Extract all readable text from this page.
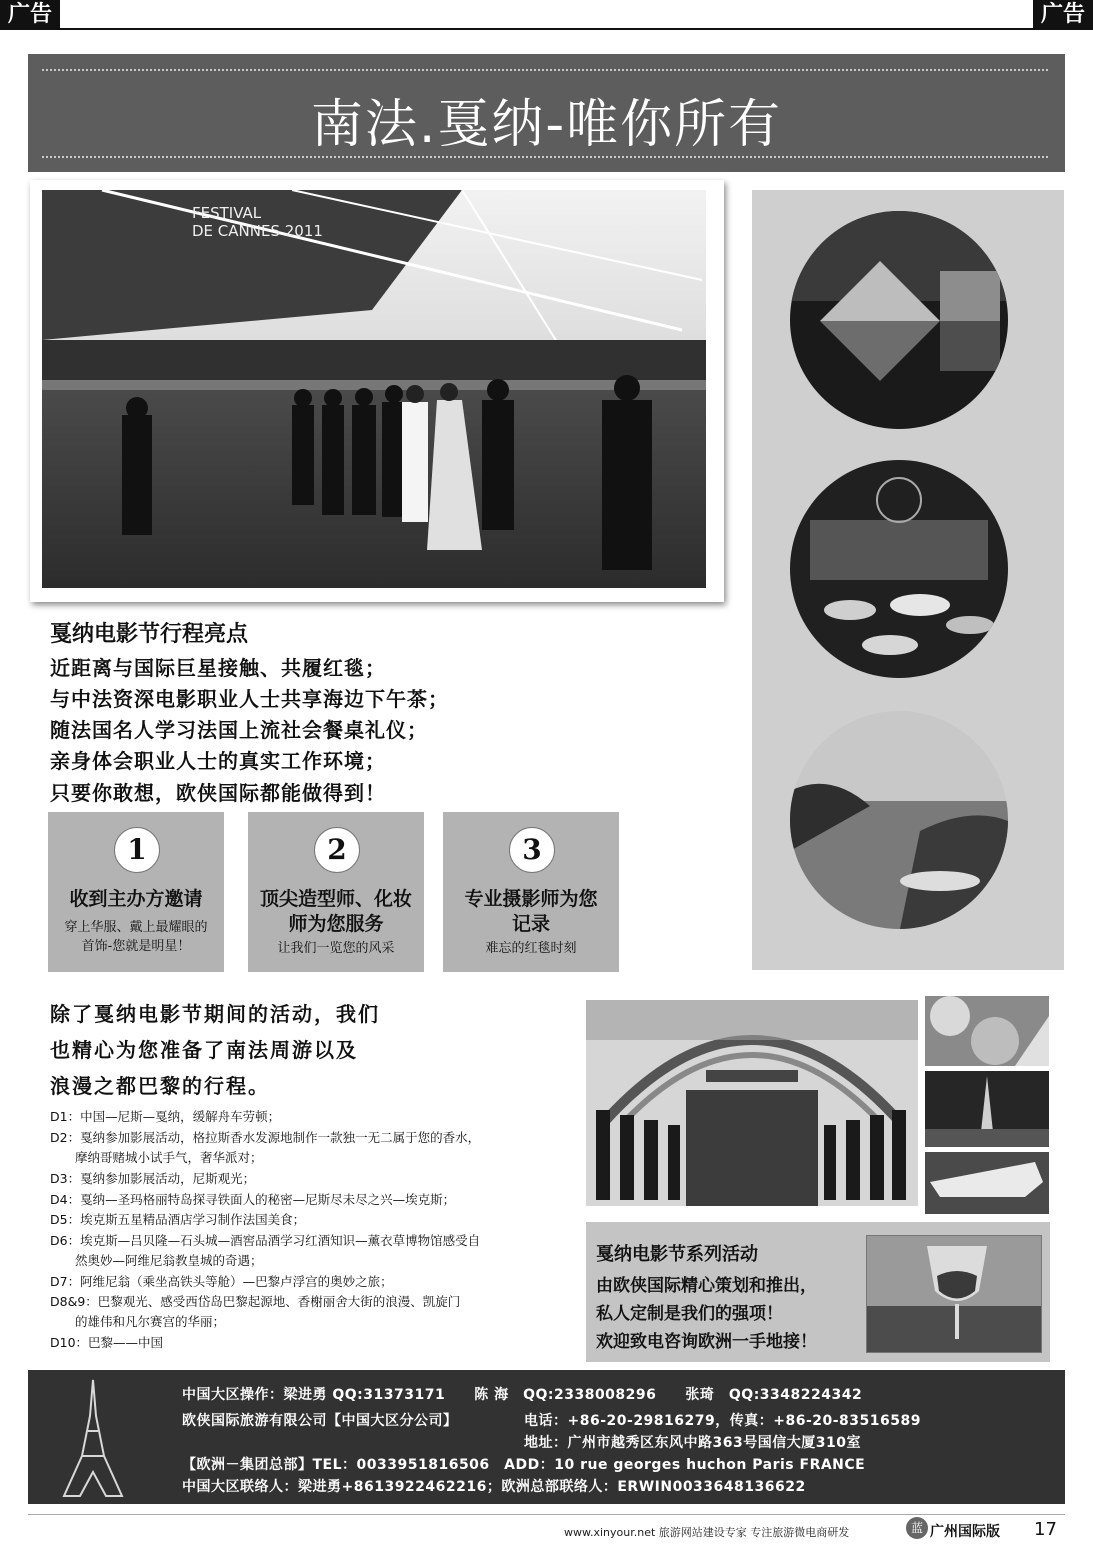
广告	广告
南法.戛纳-唯你所有
FESTIVAL
DE CANNES 2011
戛纳电影节行程亮点
近距离与国际巨星接触、共履红毯；
与中法资深电影职业人士共享海边下午茶；
随法国名人学习法国上流社会餐桌礼仪；
亲身体会职业人士的真实工作环境；
只要你敢想，欧侠国际都能做得到！
1
收到主办方邀请
穿上华服、戴上最耀眼的首饰-您就是明星！
2
顶尖造型师、化妆师为您服务
让我们一览您的风采
3
专业摄影师为您记录
难忘的红毯时刻
除了戛纳电影节期间的活动，我们
也精心为您准备了南法周游以及
浪漫之都巴黎的行程。
D1：中国—尼斯—戛纳，缓解舟车劳顿；
D2：戛纳参加影展活动，格拉斯香水发源地制作一款独一无二属于您的香水，
　　摩纳哥赌城小试手气，奢华派对；
D3：戛纳参加影展活动，尼斯观光；
D4：戛纳—圣玛格丽特岛探寻铁面人的秘密—尼斯尽未尽之兴—埃克斯；
D5：埃克斯五星精品酒店学习制作法国美食；
D6：埃克斯—吕贝隆—石头城—酒窖品酒学习红酒知识—薰衣草博物馆感受自
　　然奥妙—阿维尼翁教皇城的奇遇；
D7：阿维尼翁（乘坐高铁头等舱）—巴黎卢浮宫的奥妙之旅；
D8&9：巴黎观光、感受西岱岛巴黎起源地、香榭丽舍大街的浪漫、凯旋门
　　的雄伟和凡尔赛宫的华丽；
D10：巴黎——中国
戛纳电影节系列活动
由欧侠国际精心策划和推出，
私人定制是我们的强项！
欢迎致电咨询欧洲一手地接！
中国大区操作：梁进勇 QQ:31373171　　陈 海　QQ:2338008296　　张琦　QQ:3348224342
欧侠国际旅游有限公司【中国大区分公司】	电话：+86-20-29816279，传真：+86-20-83516589
地址：广州市越秀区东风中路363号国信大厦310室
【欧洲－集团总部】TEL：0033951816506　ADD：10 rue georges huchon Paris FRANCE
中国大区联络人：梁进勇+8613922462216；欧洲总部联络人：ERWIN0033648136622
www.xinyour.net 旅游网站建设专家 专注旅游微电商研发	蓝 广州国际版 17
